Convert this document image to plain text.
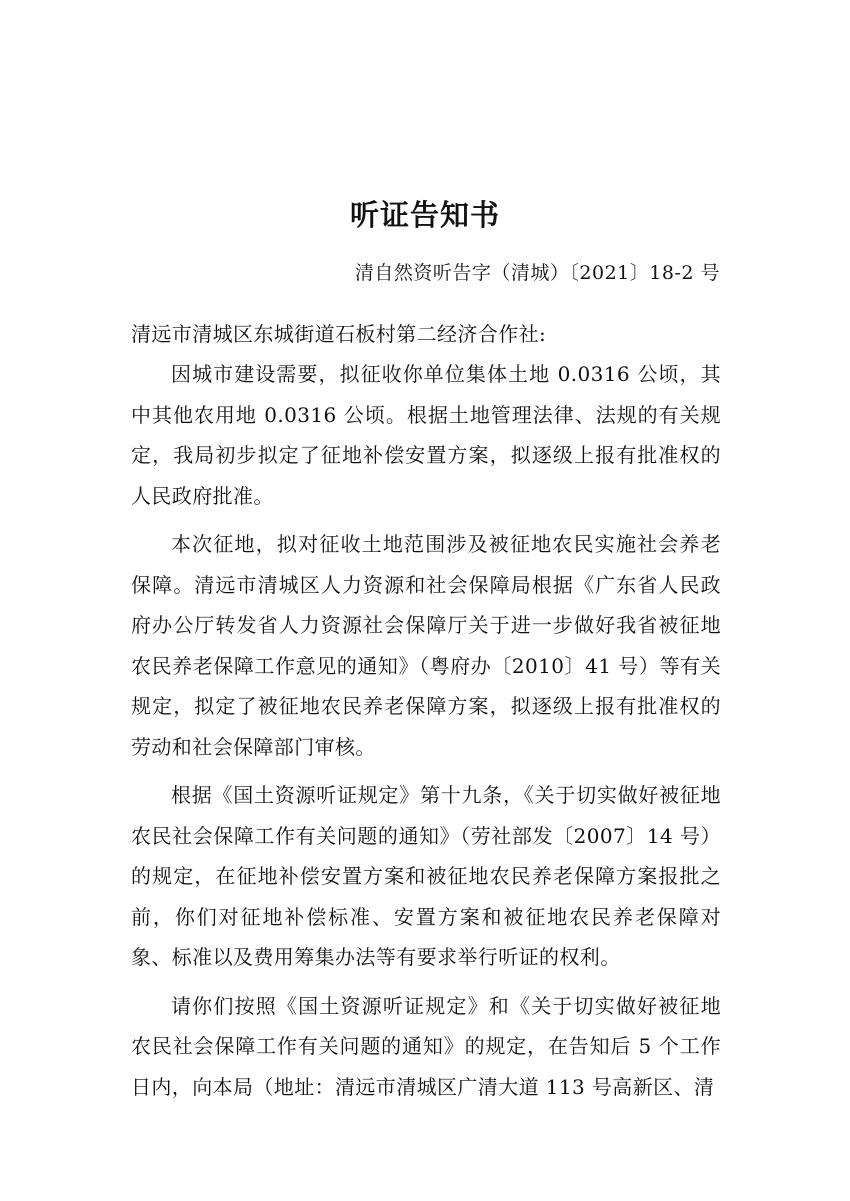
听证告知书
清自然资听告字（清城）〔2021〕18-2 号

清远市清城区东城街道石板村第二经济合作社:

因城市建设需要，拟征收你单位集体土地 0.0316 公顷，其中其他农用地 0.0316 公顷。根据土地管理法律、法规的有关规定，我局初步拟定了征地补偿安置方案，拟逐级上报有批准权的人民政府批准。

本次征地，拟对征收土地范围涉及被征地农民实施社会养老保障。清远市清城区人力资源和社会保障局根据《广东省人民政府办公厅转发省人力资源社会保障厅关于进一步做好我省被征地农民养老保障工作意见的通知》（粤府办〔2010〕41 号）等有关规定，拟定了被征地农民养老保障方案，拟逐级上报有批准权的劳动和社会保障部门审核。

根据《国土资源听证规定》第十九条，《关于切实做好被征地农民社会保障工作有关问题的通知》（劳社部发〔2007〕14 号）的规定，在征地补偿安置方案和被征地农民养老保障方案报批之前，你们对征地补偿标准、安置方案和被征地农民养老保障对象、标准以及费用筹集办法等有要求举行听证的权利。

请你们按照《国土资源听证规定》和《关于切实做好被征地农民社会保障工作有关问题的通知》的规定，在告知后 5 个工作日内，向本局（地址：清远市清城区广清大道 113 号高新区、清
